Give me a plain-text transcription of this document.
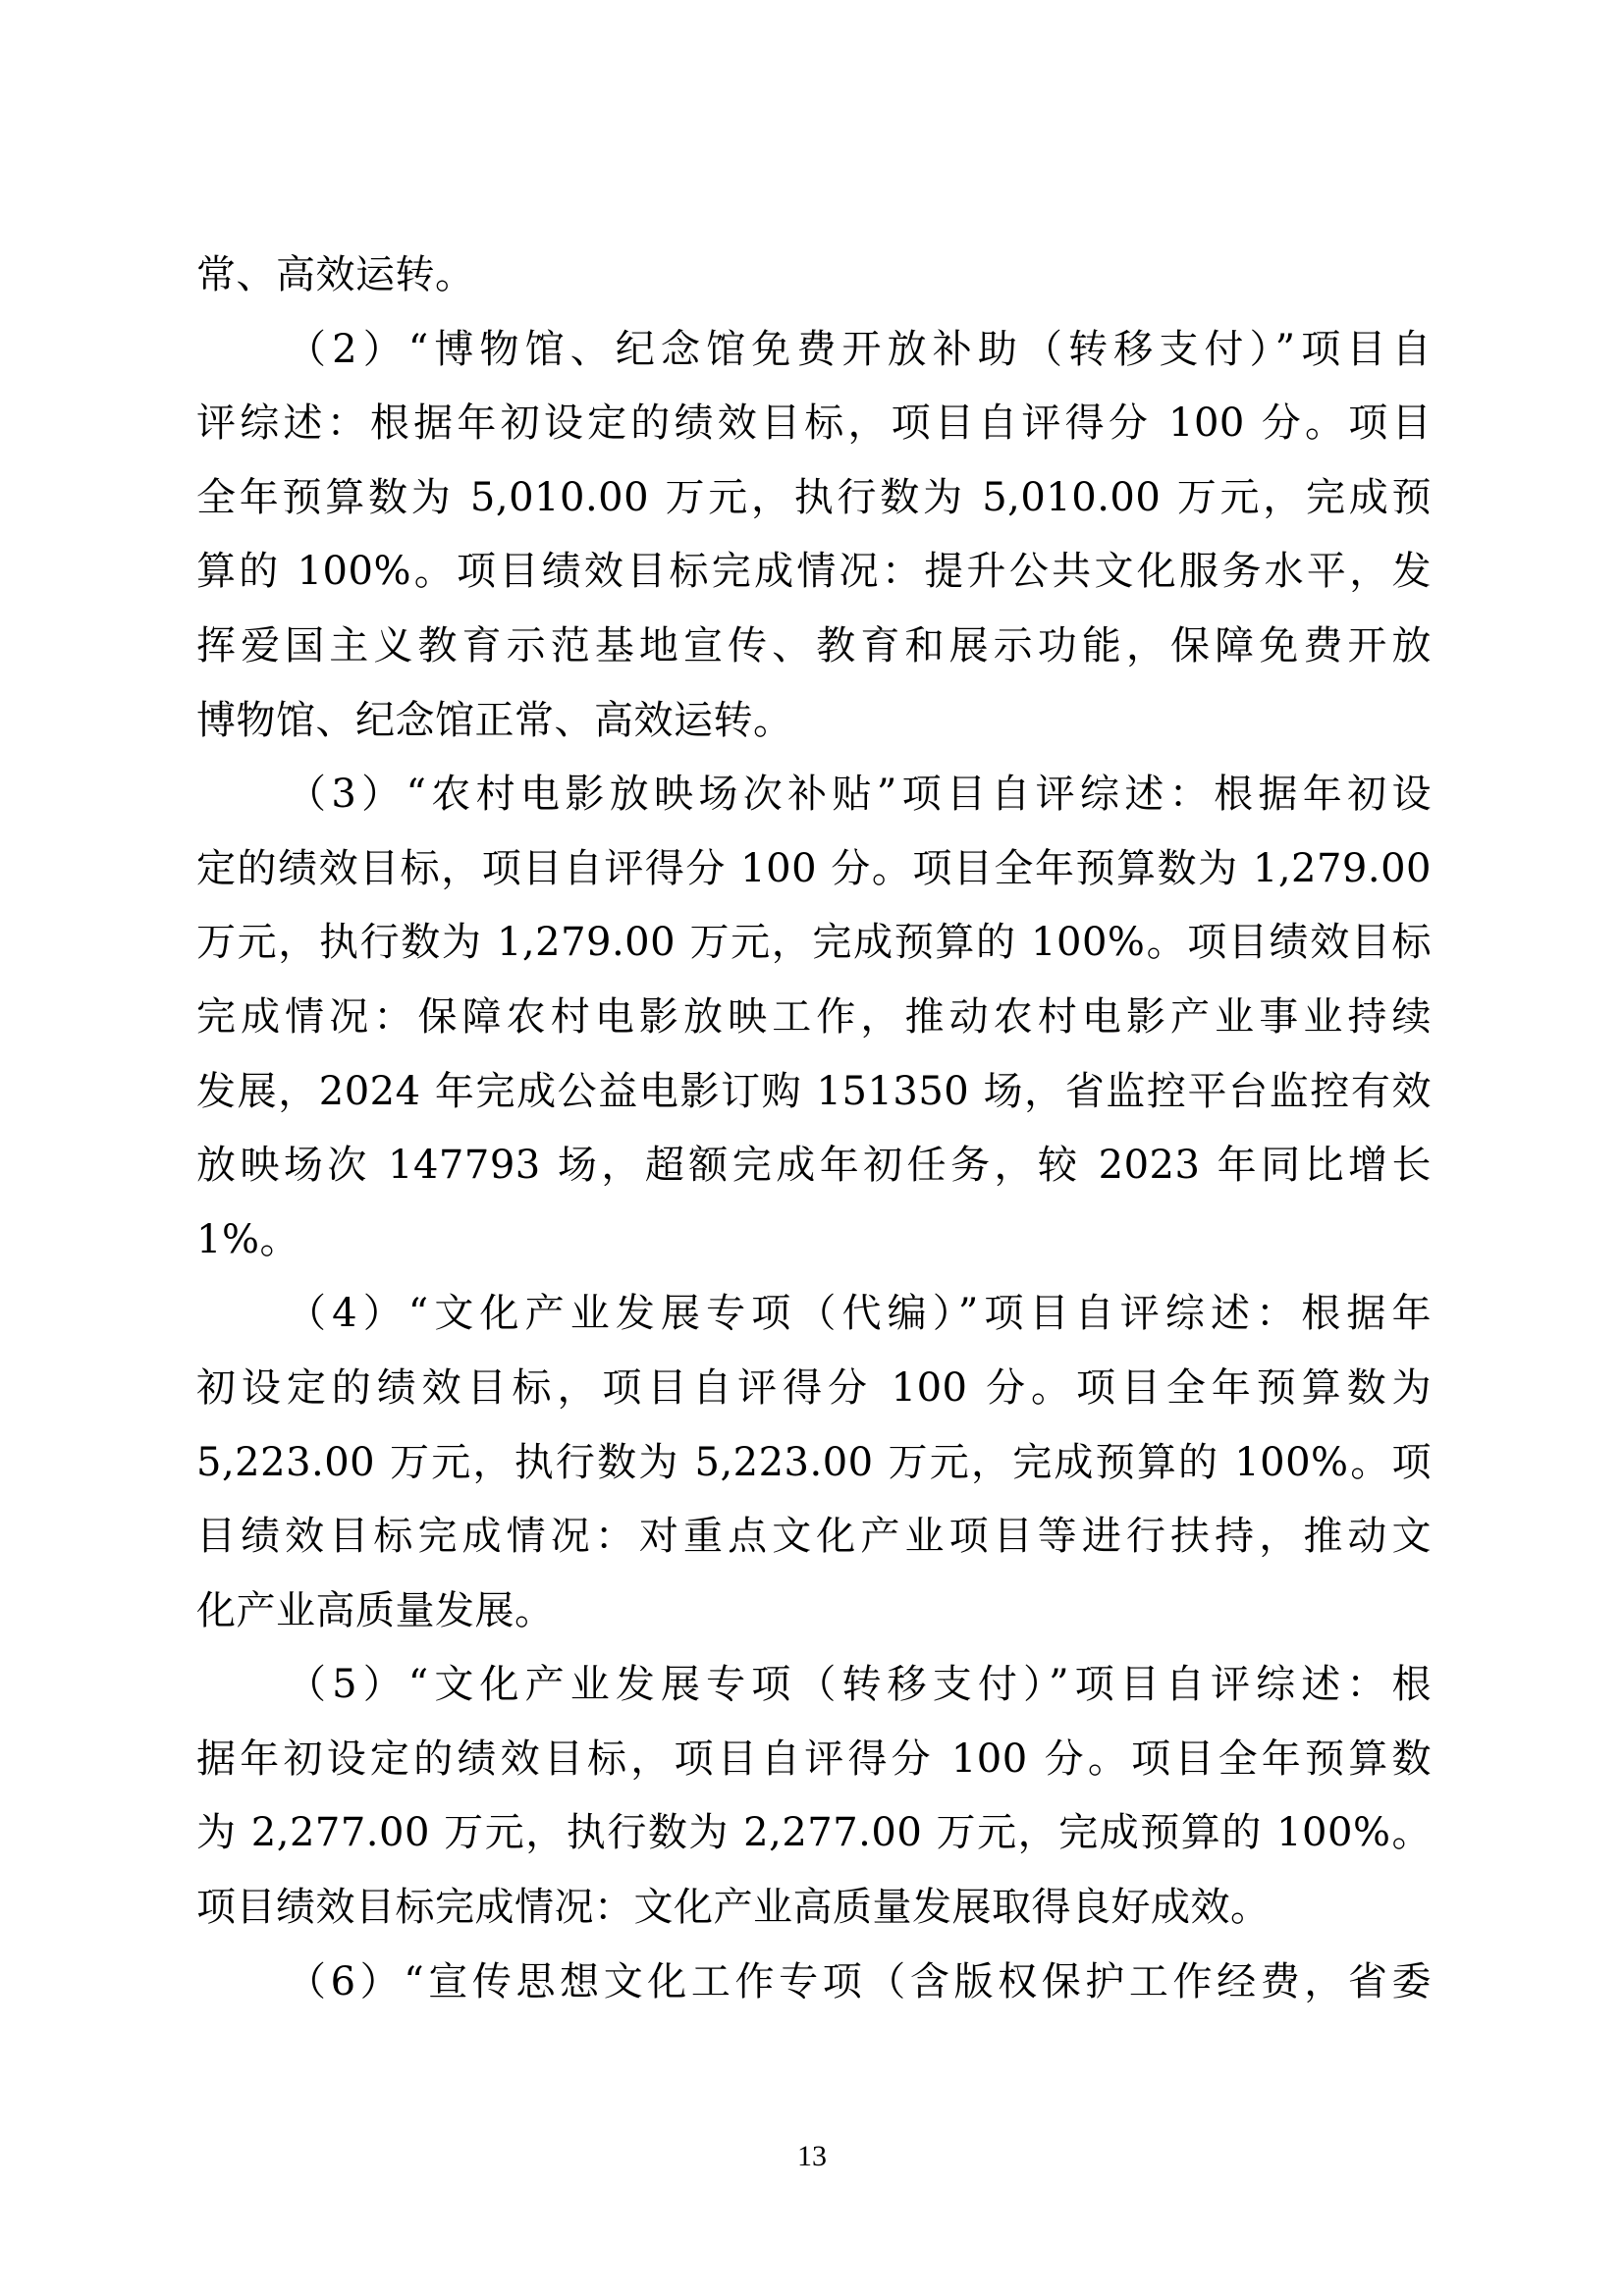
常、高效运转。
（2）“博物馆、纪念馆免费开放补助（转移支付）”项目自
评综述：根据年初设定的绩效目标，项目自评得分 100 分。项目
全年预算数为 5,010.00 万元，执行数为 5,010.00 万元，完成预
算的 100%。项目绩效目标完成情况：提升公共文化服务水平，发
挥爱国主义教育示范基地宣传、教育和展示功能，保障免费开放
博物馆、纪念馆正常、高效运转。
（3）“农村电影放映场次补贴”项目自评综述：根据年初设
定的绩效目标，项目自评得分 100 分。项目全年预算数为 1,279.00
万元，执行数为 1,279.00 万元，完成预算的 100%。项目绩效目标
完成情况：保障农村电影放映工作，推动农村电影产业事业持续
发展，2024 年完成公益电影订购 151350 场，省监控平台监控有效
放映场次 147793 场，超额完成年初任务，较 2023 年同比增长
1%。
（4）“文化产业发展专项（代编）”项目自评综述：根据年
初设定的绩效目标，项目自评得分 100 分。项目全年预算数为
5,223.00 万元，执行数为 5,223.00 万元，完成预算的 100%。项
目绩效目标完成情况：对重点文化产业项目等进行扶持，推动文
化产业高质量发展。
（5）“文化产业发展专项（转移支付）”项目自评综述：根
据年初设定的绩效目标，项目自评得分 100 分。项目全年预算数
为 2,277.00 万元，执行数为 2,277.00 万元，完成预算的 100%。
项目绩效目标完成情况：文化产业高质量发展取得良好成效。
（6）“宣传思想文化工作专项（含版权保护工作经费，省委
13
